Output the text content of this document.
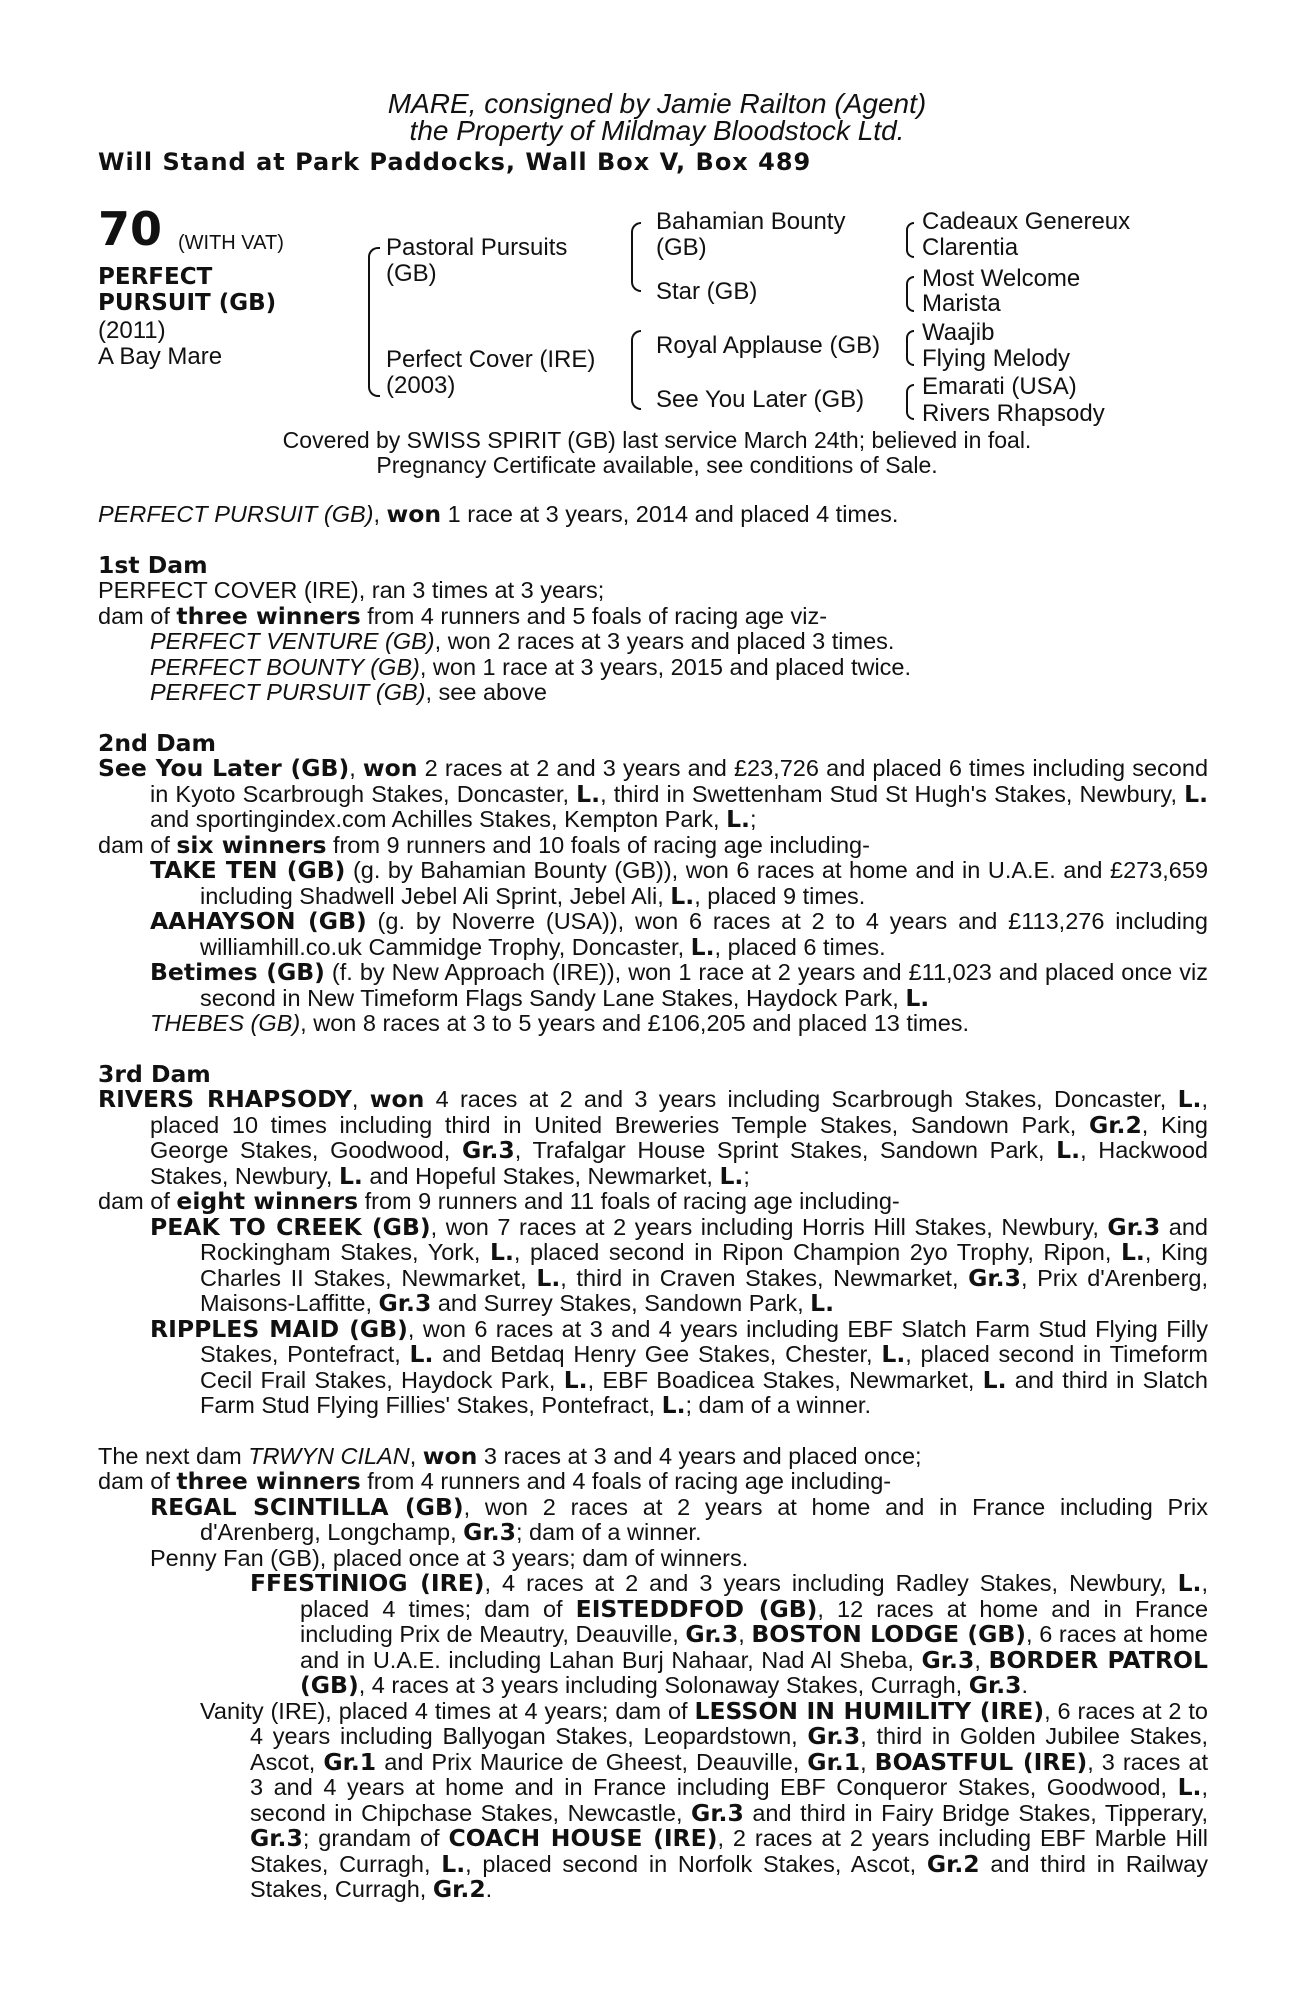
MARE, consigned by Jamie Railton (Agent)
the Property of Mildmay Bloodstock Ltd.
Will Stand at Park Paddocks, Wall Box V, Box 489
70 (WITH VAT)
PERFECT
PURSUIT (GB)
(2011)
A Bay Mare
Pastoral Pursuits
(GB)
Perfect Cover (IRE)
(2003)
Bahamian Bounty
(GB)
Star (GB)
Royal Applause (GB)
See You Later (GB)
Cadeaux Genereux
Clarentia
Most Welcome
Marista
Waajib
Flying Melody
Emarati (USA)
Rivers Rhapsody
Covered by SWISS SPIRIT (GB) last service March 24th; believed in foal.
Pregnancy Certificate available, see conditions of Sale.

PERFECT PURSUIT (GB), won 1 race at 3 years, 2014 and placed 4 times.

1st Dam

PERFECT COVER (IRE), ran 3 times at 3 years;

dam of three winners from 4 runners and 5 foals of racing age viz-

PERFECT VENTURE (GB), won 2 races at 3 years and placed 3 times.

PERFECT BOUNTY (GB), won 1 race at 3 years, 2015 and placed twice.

PERFECT PURSUIT (GB), see above

2nd Dam

See You Later (GB), won 2 races at 2 and 3 years and £23,726 and placed 6 times including second in Kyoto Scarbrough Stakes, Doncaster, L., third in Swettenham Stud St Hugh's Stakes, Newbury, L. and sportingindex.com Achilles Stakes, Kempton Park, L.;

dam of six winners from 9 runners and 10 foals of racing age including-

TAKE TEN (GB) (g. by Bahamian Bounty (GB)), won 6 races at home and in U.A.E. and £273,659 including Shadwell Jebel Ali Sprint, Jebel Ali, L., placed 9 times.

AAHAYSON (GB) (g. by Noverre (USA)), won 6 races at 2 to 4 years and £113,276 including williamhill.co.uk Cammidge Trophy, Doncaster, L., placed 6 times.

Betimes (GB) (f. by New Approach (IRE)), won 1 race at 2 years and £11,023 and placed once viz second in New Timeform Flags Sandy Lane Stakes, Haydock Park, L.

THEBES (GB), won 8 races at 3 to 5 years and £106,205 and placed 13 times.

3rd Dam

RIVERS RHAPSODY, won 4 races at 2 and 3 years including Scarbrough Stakes, Doncaster, L., placed 10 times including third in United Breweries Temple Stakes, Sandown Park, Gr.2, King George Stakes, Goodwood, Gr.3, Trafalgar House Sprint Stakes, Sandown Park, L., Hackwood Stakes, Newbury, L. and Hopeful Stakes, Newmarket, L.;

dam of eight winners from 9 runners and 11 foals of racing age including-

PEAK TO CREEK (GB), won 7 races at 2 years including Horris Hill Stakes, Newbury, Gr.3 and Rockingham Stakes, York, L., placed second in Ripon Champion 2yo Trophy, Ripon, L., King Charles II Stakes, Newmarket, L., third in Craven Stakes, Newmarket, Gr.3, Prix d'Arenberg, Maisons-Laffitte, Gr.3 and Surrey Stakes, Sandown Park, L.

RIPPLES MAID (GB), won 6 races at 3 and 4 years including EBF Slatch Farm Stud Flying Filly Stakes, Pontefract, L. and Betdaq Henry Gee Stakes, Chester, L., placed second in Timeform Cecil Frail Stakes, Haydock Park, L., EBF Boadicea Stakes, Newmarket, L. and third in Slatch Farm Stud Flying Fillies' Stakes, Pontefract, L.; dam of a winner.

The next dam TRWYN CILAN, won 3 races at 3 and 4 years and placed once;

dam of three winners from 4 runners and 4 foals of racing age including-

REGAL SCINTILLA (GB), won 2 races at 2 years at home and in France including Prix d'Arenberg, Longchamp, Gr.3; dam of a winner.

Penny Fan (GB), placed once at 3 years; dam of winners.

FFESTINIOG (IRE), 4 races at 2 and 3 years including Radley Stakes, Newbury, L., placed 4 times; dam of EISTEDDFOD (GB), 12 races at home and in France including Prix de Meautry, Deauville, Gr.3, BOSTON LODGE (GB), 6 races at home and in U.A.E. including Lahan Burj Nahaar, Nad Al Sheba, Gr.3, BORDER PATROL (GB), 4 races at 3 years including Solonaway Stakes, Curragh, Gr.3.

Vanity (IRE), placed 4 times at 4 years; dam of LESSON IN HUMILITY (IRE), 6 races at 2 to 4 years including Ballyogan Stakes, Leopardstown, Gr.3, third in Golden Jubilee Stakes, Ascot, Gr.1 and Prix Maurice de Gheest, Deauville, Gr.1, BOASTFUL (IRE), 3 races at 3 and 4 years at home and in France including EBF Conqueror Stakes, Goodwood, L., second in Chipchase Stakes, Newcastle, Gr.3 and third in Fairy Bridge Stakes, Tipperary, Gr.3; grandam of COACH HOUSE (IRE), 2 races at 2 years including EBF Marble Hill Stakes, Curragh, L., placed second in Norfolk Stakes, Ascot, Gr.2 and third in Railway Stakes, Curragh, Gr.2.
